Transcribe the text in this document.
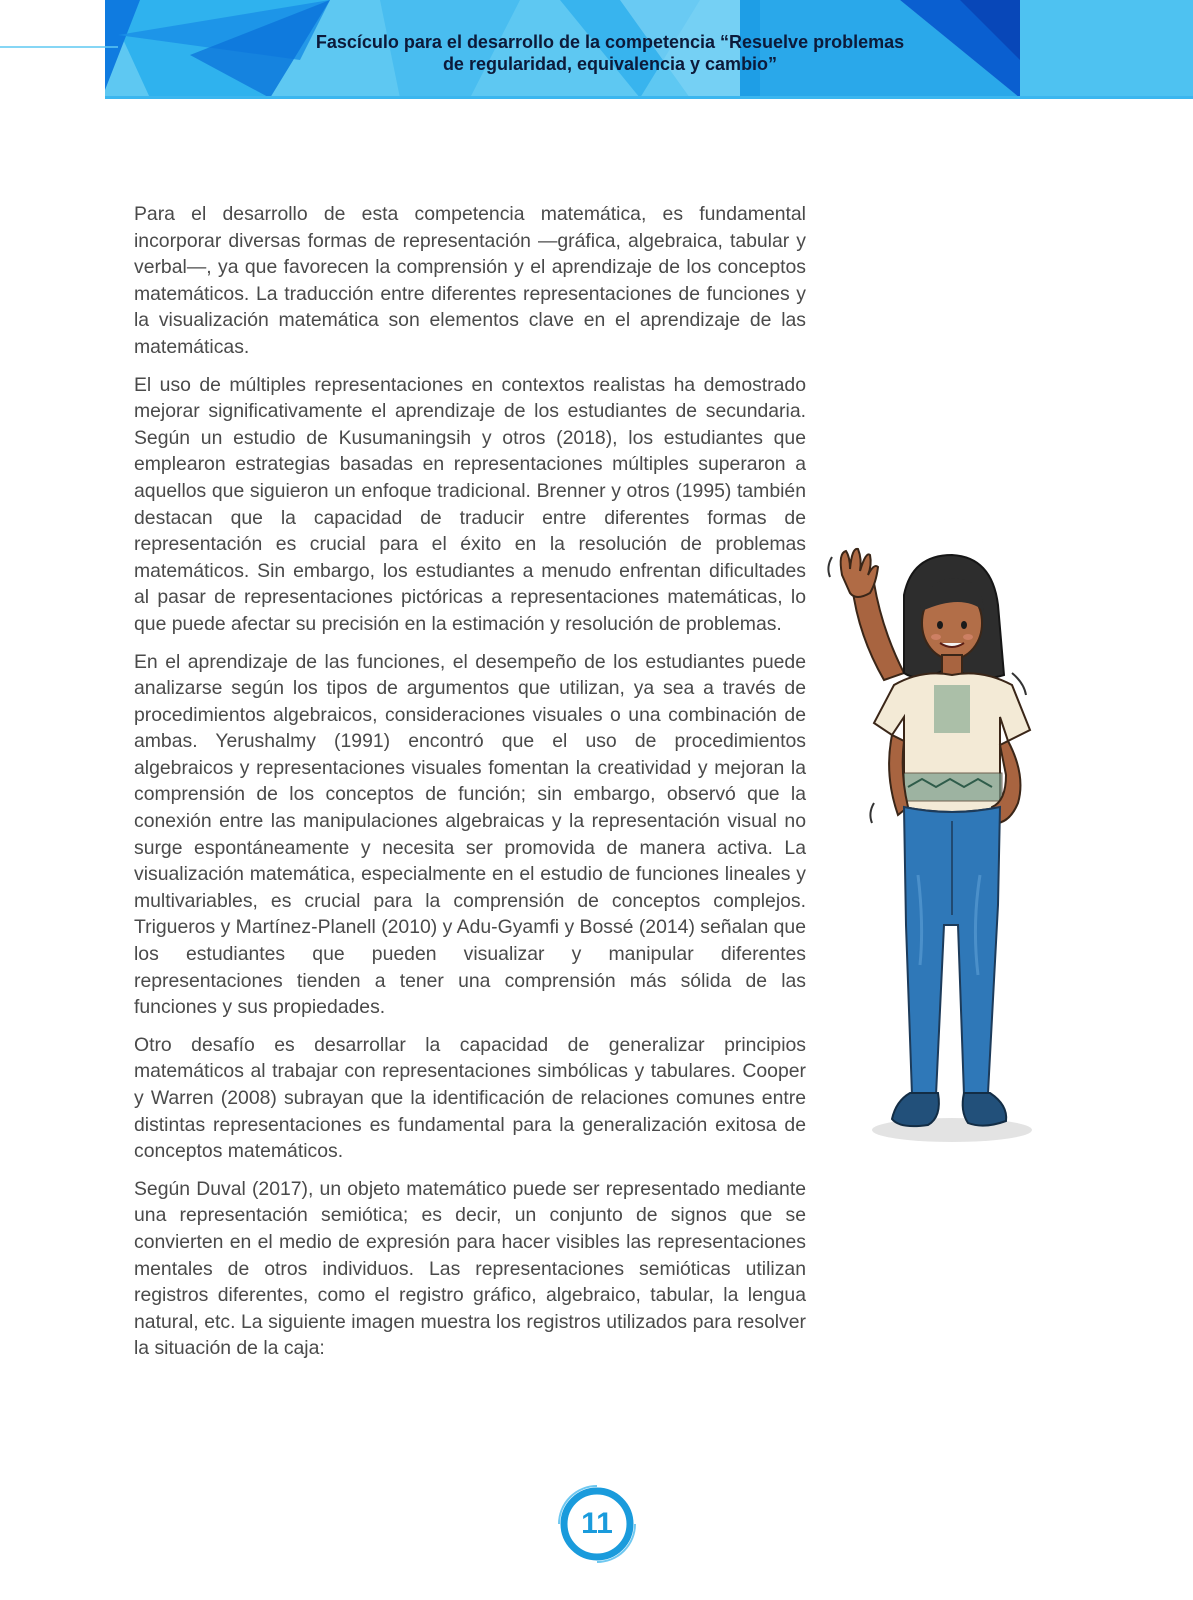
Fascículo para el desarrollo de la competencia “Resuelve problemas
de regularidad, equivalencia y cambio”

Para el desarrollo de esta competencia matemática, es fundamental incorporar diversas formas de representación —gráfica, algebraica, tabular y verbal—, ya que favorecen la comprensión y el aprendizaje de los conceptos matemáticos. La traducción entre diferentes representaciones de funciones y la visualización matemática son elementos clave en el aprendizaje de las matemáticas.

El uso de múltiples representaciones en contextos realistas ha demostrado mejorar significativamente el aprendizaje de los estudiantes de secundaria. Según un estudio de Kusumaningsih y otros (2018), los estudiantes que emplearon estrategias basadas en representaciones múltiples superaron a aquellos que siguieron un enfoque tradicional. Brenner y otros (1995) también destacan que la capacidad de traducir entre diferentes formas de representación es crucial para el éxito en la resolución de problemas matemáticos. Sin embargo, los estudiantes a menudo enfrentan dificultades al pasar de representaciones pictóricas a representaciones matemáticas, lo que puede afectar su precisión en la estimación y resolución de problemas.

En el aprendizaje de las funciones, el desempeño de los estudiantes puede analizarse según los tipos de argumentos que utilizan, ya sea a través de procedimientos algebraicos, consideraciones visuales o una combinación de ambas. Yerushalmy (1991) encontró que el uso de procedimientos algebraicos y representaciones visuales fomentan la creatividad y mejoran la comprensión de los conceptos de función; sin embargo, observó que la conexión entre las manipulaciones algebraicas y la representación visual no surge espontáneamente y necesita ser promovida de manera activa. La visualización matemática, especialmente en el estudio de funciones lineales y multivariables, es crucial para la comprensión de conceptos complejos. Trigueros y Martínez-Planell (2010) y Adu-Gyamfi y Bossé (2014) señalan que los estudiantes que pueden visualizar y manipular diferentes representaciones tienden a tener una comprensión más sólida de las funciones y sus propiedades.

Otro desafío es desarrollar la capacidad de generalizar principios matemáticos al trabajar con representaciones simbólicas y tabulares. Cooper y Warren (2008) subrayan que la identificación de relaciones comunes entre distintas representaciones es fundamental para la generalización exitosa de conceptos matemáticos.

Según Duval (2017), un objeto matemático puede ser representado mediante una representación semiótica; es decir, un conjunto de signos que se convierten en el medio de expresión para hacer visibles las representaciones mentales de otros individuos. Las representaciones semióticas utilizan registros diferentes, como el registro gráfico, algebraico, tabular, la lengua natural, etc. La siguiente imagen muestra los registros utilizados para resolver la situación de la caja:

11
